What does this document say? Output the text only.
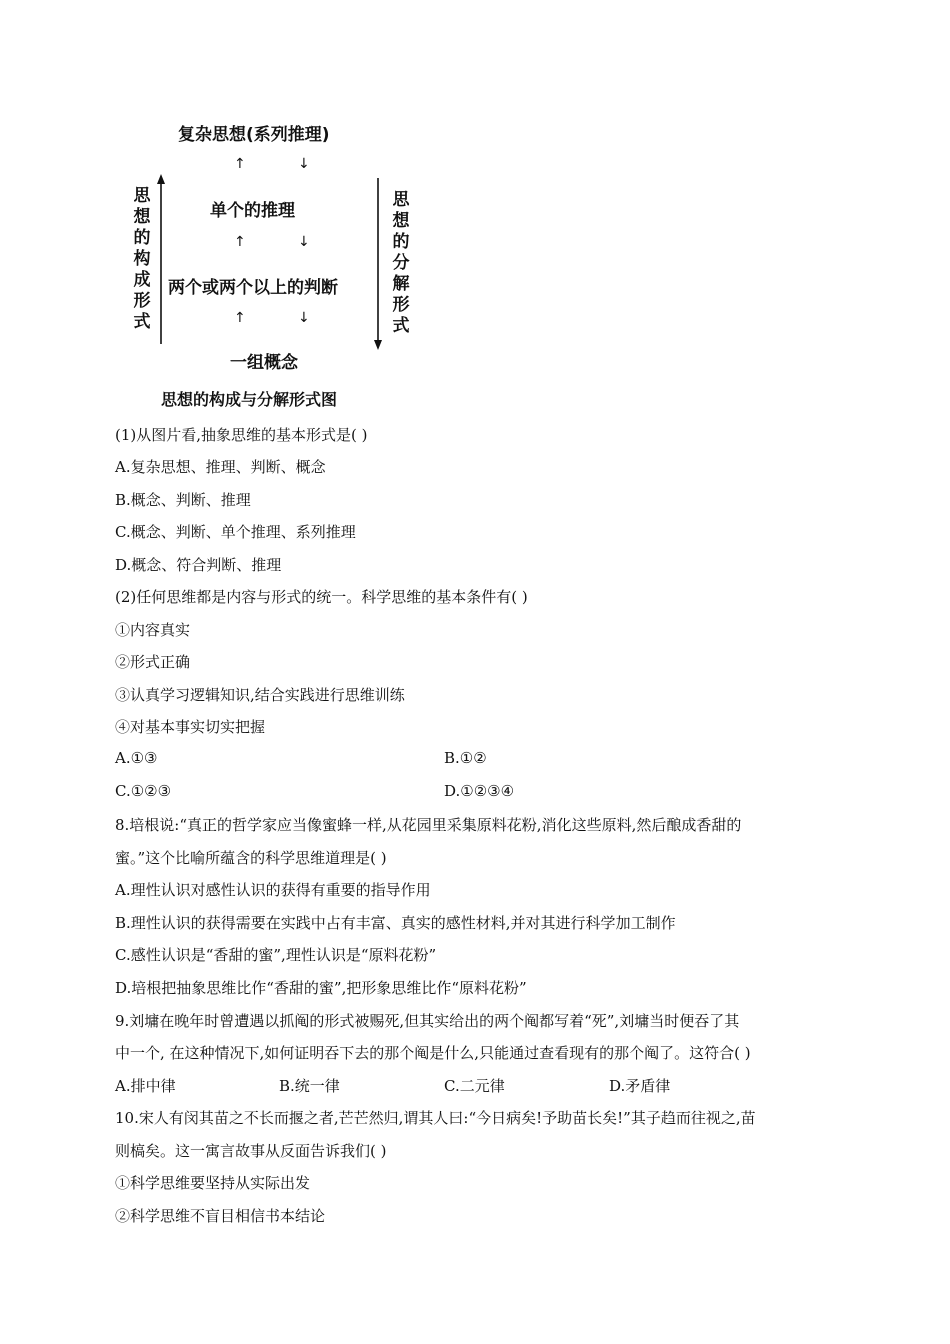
复杂思想(系列推理)
↑	↓
单个的推理
↑	↓
两个或两个以上的判断
↑	↓
一组概念
思想的构成形式
思想的分解形式
思想的构成与分解形式图
(1)从图片看,抽象思维的基本形式是( )
A.复杂思想、推理、判断、概念
B.概念、判断、推理
C.概念、判断、单个推理、系列推理
D.概念、符合判断、推理
(2)任何思维都是内容与形式的统一。科学思维的基本条件有( )
①内容真实
②形式正确
③认真学习逻辑知识,结合实践进行思维训练
④对基本事实切实把握
A.①③	B.①②
C.①②③	D.①②③④
8.培根说:“真正的哲学家应当像蜜蜂一样,从花园里采集原料花粉,消化这些原料,然后酿成香甜的
蜜。”这个比喻所蕴含的科学思维道理是( )
A.理性认识对感性认识的获得有重要的指导作用
B.理性认识的获得需要在实践中占有丰富、真实的感性材料,并对其进行科学加工制作
C.感性认识是“香甜的蜜”,理性认识是“原料花粉”
D.培根把抽象思维比作“香甜的蜜”,把形象思维比作“原料花粉”
9.刘墉在晚年时曾遭遇以抓阄的形式被赐死,但其实给出的两个阄都写着“死”,刘墉当时便吞了其
中一个, 在这种情况下,如何证明吞下去的那个阄是什么,只能通过查看现有的那个阄了。这符合( )
A.排中律	B.统一律	C.二元律	D.矛盾律
10.宋人有闵其苗之不长而揠之者,芒芒然归,谓其人曰:“今日病矣!予助苗长矣!”其子趋而往视之,苗
则槁矣。这一寓言故事从反面告诉我们( )
①科学思维要坚持从实际出发
②科学思维不盲目相信书本结论
